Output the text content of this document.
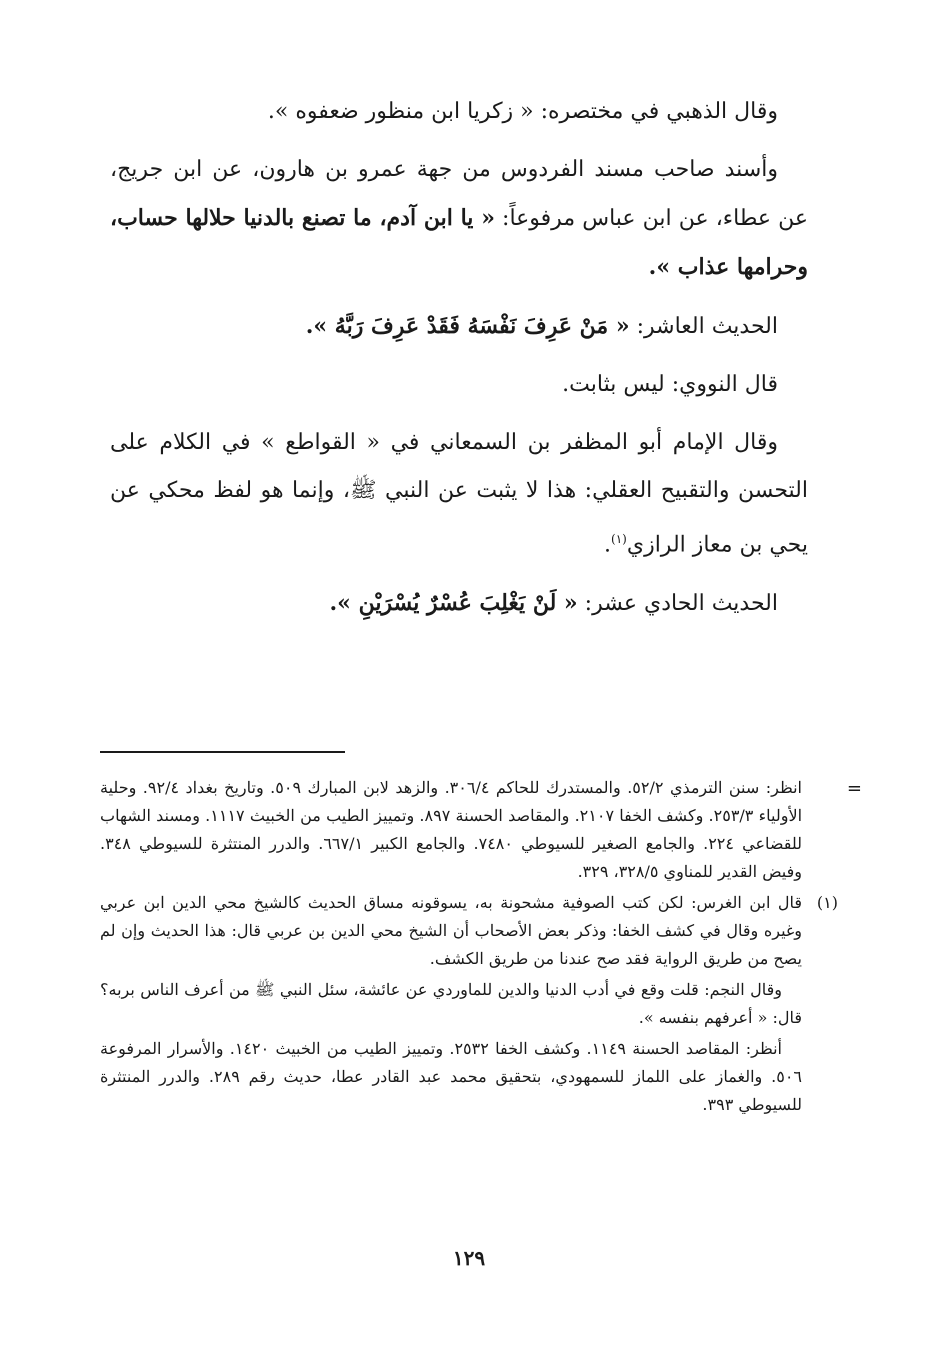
وقال الذهبي في مختصره: « زكريا ابن منظور ضعفوه ».

وأسند صاحب مسند الفردوس من جهة عمرو بن هارون، عن ابن جريج، عن عطاء، عن ابن عباس مرفوعاً: « يا ابن آدم، ما تصنع بالدنيا حلالها حساب، وحرامها عذاب ».

الحديث العاشر: « مَنْ عَرِفَ نَفْسَهُ فَقَدْ عَرِفَ رَبَّهُ ».

قال النووي: ليس بثابت.

وقال الإمام أبو المظفر بن السمعاني في « القواطع » في الكلام على التحسن والتقبيح العقلي: هذا لا يثبت عن النبي ﷺ، وإنما هو لفظ محكي عن يحي بن معاز الرازي$^{(١)}$.

الحديث الحادي عشر: « لَنْ يَغْلِبَ عُسْرٌ يُسْرَيْنِ ».

=

انظر: سنن الترمذي ٥٢/٢. والمستدرك للحاكم ٣٠٦/٤. والزهد لابن المبارك ٥٠٩. وتاريخ بغداد ٩٢/٤. وحلية الأولياء ٢٥٣/٣. وكشف الخفا ٢١٠٧. والمقاصد الحسنة ٨٩٧. وتمييز الطيب من الخبيث ١١١٧. ومسند الشهاب للقضاعي ٢٢٤. والجامع الصغير للسيوطي ٧٤٨٠. والجامع الكبير ٦٦٧/١. والدرر المنتثرة للسيوطي ٣٤٨. وفيض القدير للمناوي ٣٢٨/٥، ٣٢٩.

(١)

قال ابن الغرس: لكن كتب الصوفية مشحونة به، يسوقونه مساق الحديث كالشيخ محي الدين ابن عربي وغيره وقال في كشف الخفا: وذكر بعض الأصحاب أن الشيخ محي الدين بن عربي قال: هذا الحديث وإن لم يصح من طريق الرواية فقد صح عندنا من طريق الكشف.

وقال النجم: قلت وقع في أدب الدنيا والدين للماوردي عن عائشة، سئل النبي ﷺ من أعرف الناس بربه؟ قال: « أعرفهم بنفسه ».

أنظر: المقاصد الحسنة ١١٤٩. وكشف الخفا ٢٥٣٢. وتمييز الطيب من الخبيث ١٤٢٠. والأسرار المرفوعة ٥٠٦. والغماز على اللماز للسمهودي، بتحقيق محمد عبد القادر عطا، حديث رقم ٢٨٩. والدرر المنتثرة للسيوطي ٣٩٣.

١٢٩
